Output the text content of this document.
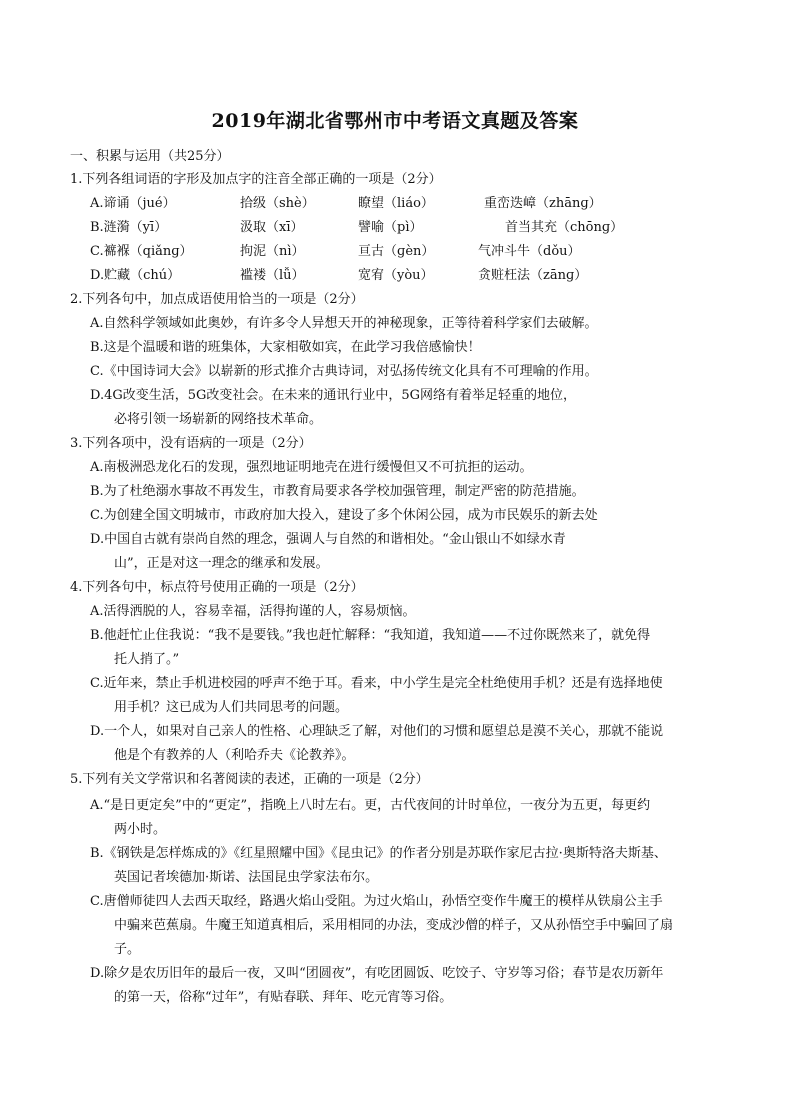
2019年湖北省鄂州市中考语文真题及答案
一、积累与运用（共25分）
1.下列各组词语的字形及加点字的注音全部正确的一项是（2分）
A.谛诵（jué）	拾级（shè）	瞭望（liáo）	重峦迭嶂（zhānɡ）
B.涟漪（yī）	汲取（xī）	譬喻（pì）	首当其充（chōnɡ）
C.褯褓（qiǎnɡ）	拘泥（nì）	亘古（ɡèn）	气冲斗牛（dǒu）
D.贮藏（chú）	褴褛（lǚ）	宽宥（yòu）	贪赃枉法（zānɡ）
2.下列各句中，加点成语使用恰当的一项是（2分）
A.自然科学领域如此奥妙，有许多令人异想天开的神秘现象，正等待着科学家们去破解。
B.这是个温暖和谐的班集体，大家相敬如宾，在此学习我倍感愉快！
C.《中国诗词大会》以崭新的形式推介古典诗词，对弘扬传统文化具有不可理喻的作用。
D.4G改变生活，5G改变社会。在未来的通讯行业中，5G网络有着举足轻重的地位，
必将引领一场崭新的网络技术革命。
3.下列各项中，没有语病的一项是（2分）
A.南极洲恐龙化石的发现，强烈地证明地壳在进行缓慢但又不可抗拒的运动。
B.为了杜绝溺水事故不再发生，市教育局要求各学校加强管理，制定严密的防范措施。
C.为创建全国文明城市，市政府加大投入，建设了多个休闲公园，成为市民娱乐的新去处
D.中国自古就有崇尚自然的理念，强调人与自然的和谐相处。“金山银山不如绿水青
山”，正是对这一理念的继承和发展。
4.下列各句中，标点符号使用正确的一项是（2分）
A.活得洒脱的人，容易幸福，活得拘谨的人，容易烦恼。
B.他赶忙止住我说：“我不是要钱。”我也赶忙解释：“我知道，我知道——不过你既然来了，就免得
托人捎了。”
C.近年来，禁止手机进校园的呼声不绝于耳。看来，中小学生是完全杜绝使用手机？还是有选择地使
用手机？这已成为人们共同思考的问题。
D.一个人，如果对自己亲人的性格、心理缺乏了解，对他们的习惯和愿望总是漠不关心，那就不能说
他是个有教养的人（利哈乔夫《论教养》。
5.下列有关文学常识和名著阅读的表述，正确的一项是（2分）
A.“是日更定矣”中的“更定”，指晚上八时左右。更，古代夜间的计时单位，一夜分为五更，每更约
两小时。
B.《钢铁是怎样炼成的》《红星照耀中国》《昆虫记》的作者分别是苏联作家尼古拉·奥斯特洛夫斯基、
英国记者埃德加·斯诺、法国昆虫学家法布尔。
C.唐僧师徒四人去西天取经，路遇火焰山受阻。为过火焰山，孙悟空变作牛魔王的模样从铁扇公主手
中骗来芭蕉扇。牛魔王知道真相后，采用相同的办法，变成沙僧的样子，又从孙悟空手中骗回了扇
子。
D.除夕是农历旧年的最后一夜，又叫“团圆夜”，有吃团圆饭、吃饺子、守岁等习俗；春节是农历新年
的第一天，俗称“过年”，有贴春联、拜年、吃元宵等习俗。
